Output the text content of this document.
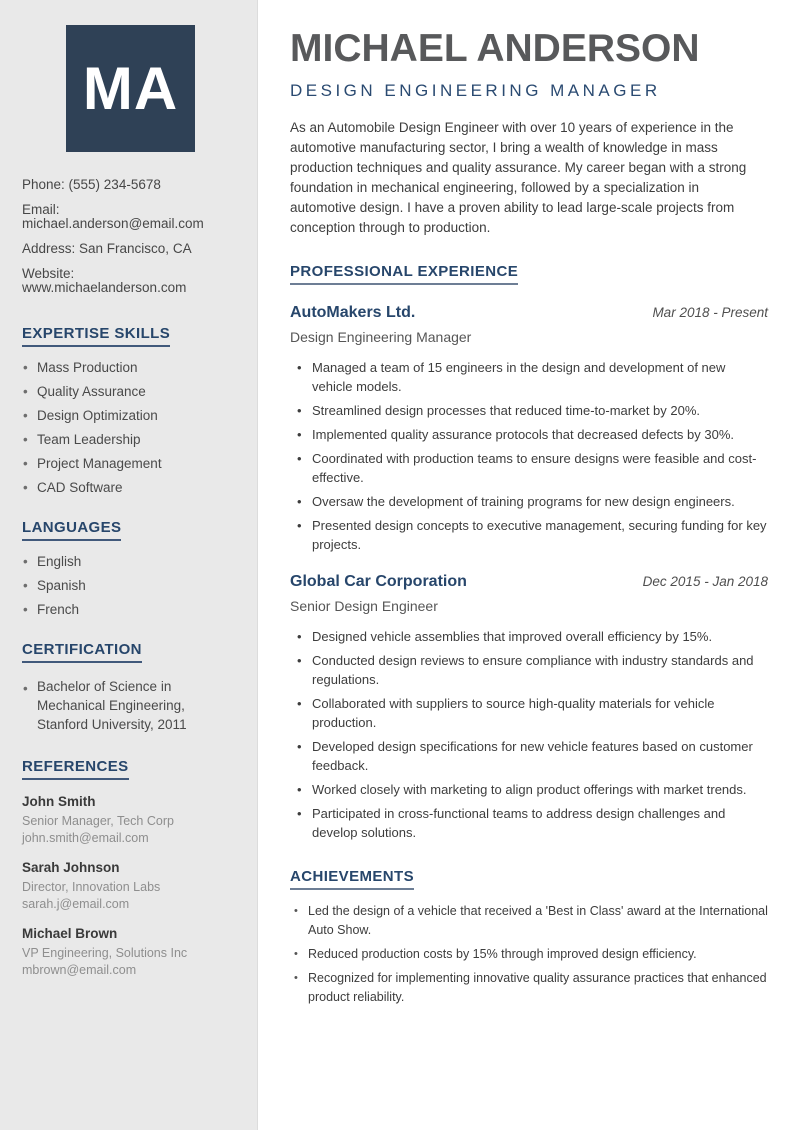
MA
Phone: (555) 234-5678
Email: michael.anderson@email.com
Address: San Francisco, CA
Website: www.michaelanderson.com
EXPERTISE SKILLS
• Mass Production
• Quality Assurance
• Design Optimization
• Team Leadership
• Project Management
• CAD Software
LANGUAGES
• English
• Spanish
• French
CERTIFICATION
• Bachelor of Science in Mechanical Engineering, Stanford University, 2011
REFERENCES
John Smith
Senior Manager, Tech Corp
john.smith@email.com
Sarah Johnson
Director, Innovation Labs
sarah.j@email.com
Michael Brown
VP Engineering, Solutions Inc
mbrown@email.com
MICHAEL ANDERSON
DESIGN ENGINEERING MANAGER

As an Automobile Design Engineer with over 10 years of experience in the automotive manufacturing sector, I bring a wealth of knowledge in mass production techniques and quality assurance. My career began with a strong foundation in mechanical engineering, followed by a specialization in automotive design. I have a proven ability to lead large-scale projects from conception through to production.

PROFESSIONAL EXPERIENCE
AutoMakers Ltd.	Mar 2018 - Present
Design Engineering Manager
• Managed a team of 15 engineers in the design and development of new vehicle models.
• Streamlined design processes that reduced time-to-market by 20%.
• Implemented quality assurance protocols that decreased defects by 30%.
• Coordinated with production teams to ensure designs were feasible and cost-effective.
• Oversaw the development of training programs for new design engineers.
• Presented design concepts to executive management, securing funding for key projects.
Global Car Corporation	Dec 2015 - Jan 2018
Senior Design Engineer
• Designed vehicle assemblies that improved overall efficiency by 15%.
• Conducted design reviews to ensure compliance with industry standards and regulations.
• Collaborated with suppliers to source high-quality materials for vehicle production.
• Developed design specifications for new vehicle features based on customer feedback.
• Worked closely with marketing to align product offerings with market trends.
• Participated in cross-functional teams to address design challenges and develop solutions.
ACHIEVEMENTS
• Led the design of a vehicle that received a 'Best in Class' award at the International Auto Show.
• Reduced production costs by 15% through improved design efficiency.
• Recognized for implementing innovative quality assurance practices that enhanced product reliability.
